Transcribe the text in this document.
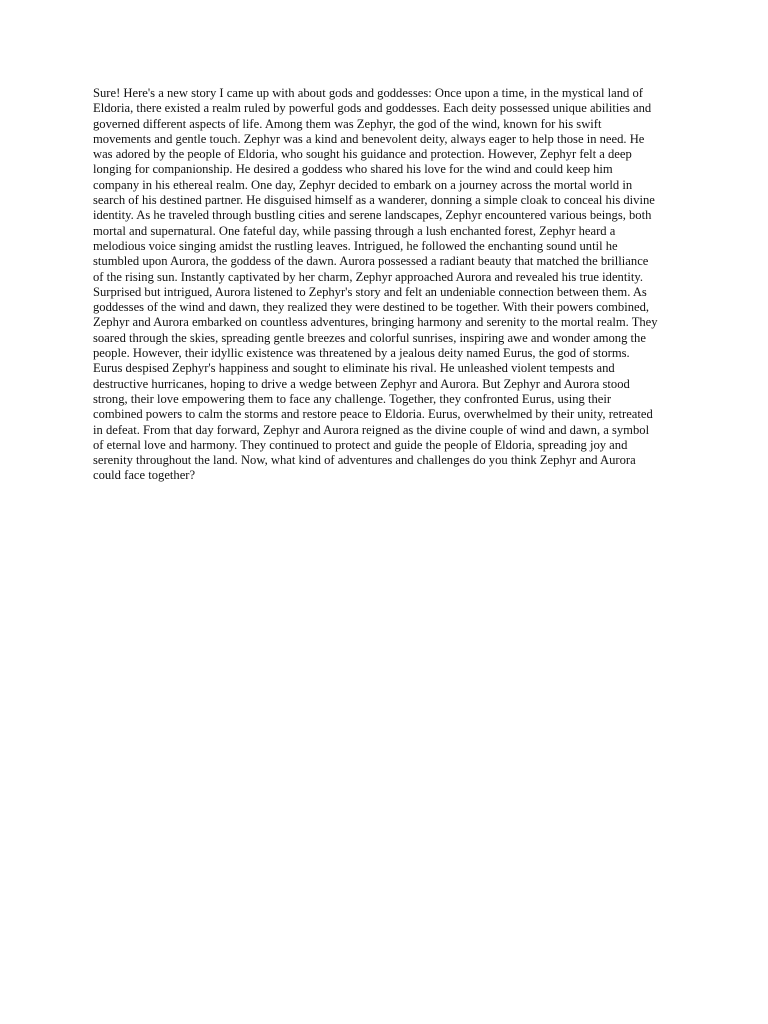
Sure! Here's a new story I came up with about gods and goddesses: Once upon a time, in the mystical land of
Eldoria, there existed a realm ruled by powerful gods and goddesses. Each deity possessed unique abilities and
governed different aspects of life. Among them was Zephyr, the god of the wind, known for his swift
movements and gentle touch. Zephyr was a kind and benevolent deity, always eager to help those in need. He
was adored by the people of Eldoria, who sought his guidance and protection. However, Zephyr felt a deep
longing for companionship. He desired a goddess who shared his love for the wind and could keep him
company in his ethereal realm. One day, Zephyr decided to embark on a journey across the mortal world in
search of his destined partner. He disguised himself as a wanderer, donning a simple cloak to conceal his divine
identity. As he traveled through bustling cities and serene landscapes, Zephyr encountered various beings, both
mortal and supernatural. One fateful day, while passing through a lush enchanted forest, Zephyr heard a
melodious voice singing amidst the rustling leaves. Intrigued, he followed the enchanting sound until he
stumbled upon Aurora, the goddess of the dawn. Aurora possessed a radiant beauty that matched the brilliance
of the rising sun. Instantly captivated by her charm, Zephyr approached Aurora and revealed his true identity.
Surprised but intrigued, Aurora listened to Zephyr's story and felt an undeniable connection between them. As
goddesses of the wind and dawn, they realized they were destined to be together. With their powers combined,
Zephyr and Aurora embarked on countless adventures, bringing harmony and serenity to the mortal realm. They
soared through the skies, spreading gentle breezes and colorful sunrises, inspiring awe and wonder among the
people. However, their idyllic existence was threatened by a jealous deity named Eurus, the god of storms.
Eurus despised Zephyr's happiness and sought to eliminate his rival. He unleashed violent tempests and
destructive hurricanes, hoping to drive a wedge between Zephyr and Aurora. But Zephyr and Aurora stood
strong, their love empowering them to face any challenge. Together, they confronted Eurus, using their
combined powers to calm the storms and restore peace to Eldoria. Eurus, overwhelmed by their unity, retreated
in defeat. From that day forward, Zephyr and Aurora reigned as the divine couple of wind and dawn, a symbol
of eternal love and harmony. They continued to protect and guide the people of Eldoria, spreading joy and
serenity throughout the land. Now, what kind of adventures and challenges do you think Zephyr and Aurora
could face together?
